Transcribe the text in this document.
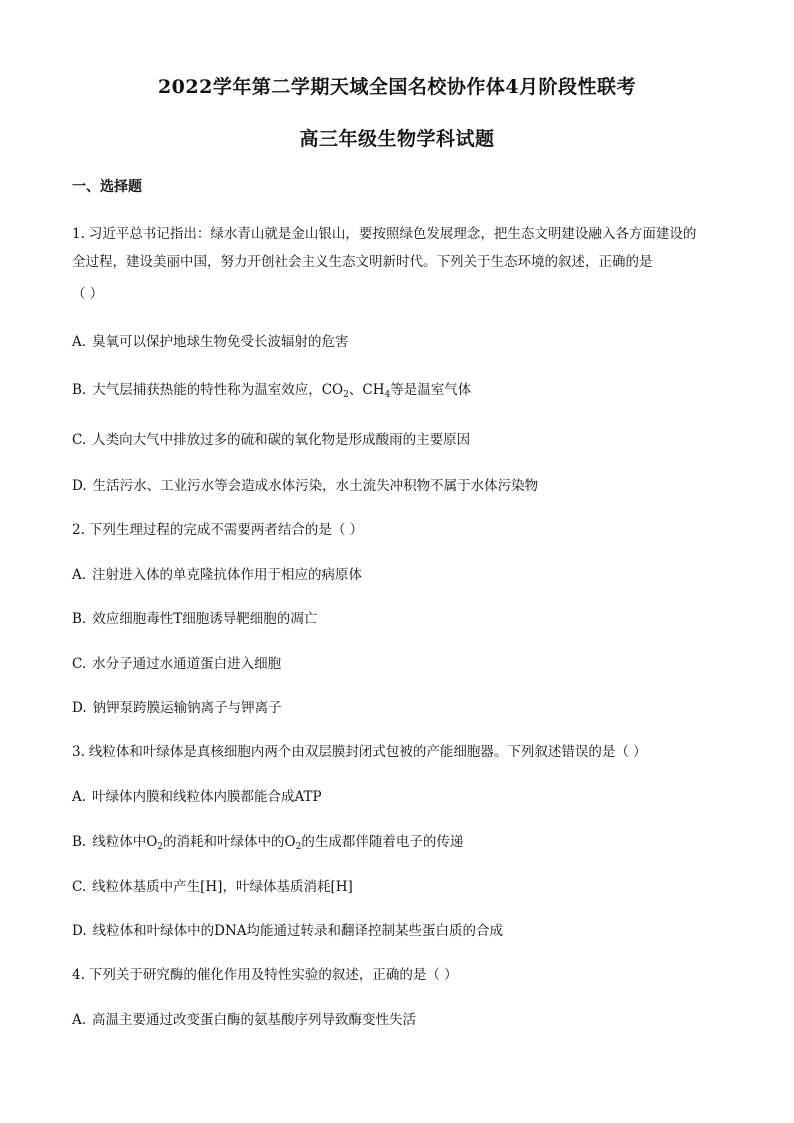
2022学年第二学期天域全国名校协作体4月阶段性联考
高三年级生物学科试题
一、选择题
1. 习近平总书记指出：绿水青山就是金山银山，要按照绿色发展理念，把生态文明建设融入各方面建设的
全过程，建设美丽中国，努力开创社会主义生态文明新时代。下列关于生态环境的叙述，正确的是
（ ）
A. 臭氧可以保护地球生物免受长波辐射的危害
B. 大气层捕获热能的特性称为温室效应，$CO_2$、$CH_4$等是温室气体
C. 人类向大气中排放过多的硫和碳的氧化物是形成酸雨的主要原因
D. 生活污水、工业污水等会造成水体污染，水土流失冲积物不属于水体污染物
2. 下列生理过程的完成不需要两者结合的是（ ）
A. 注射进入体的单克隆抗体作用于相应的病原体
B. 效应细胞毒性T细胞诱导靶细胞的凋亡
C. 水分子通过水通道蛋白进入细胞
D. 钠钾泵跨膜运输钠离子与钾离子
3. 线粒体和叶绿体是真核细胞内两个由双层膜封闭式包被的产能细胞器。下列叙述错误的是（ ）
A. 叶绿体内膜和线粒体内膜都能合成ATP
B. 线粒体中$O_2$的消耗和叶绿体中的$O_2$的生成都伴随着电子的传递
C. 线粒体基质中产生[H]，叶绿体基质消耗[H]
D. 线粒体和叶绿体中的DNA均能通过转录和翻译控制某些蛋白质的合成
4. 下列关于研究酶的催化作用及特性实验的叙述，正确的是（ ）
A. 高温主要通过改变蛋白酶的氨基酸序列导致酶变性失活
